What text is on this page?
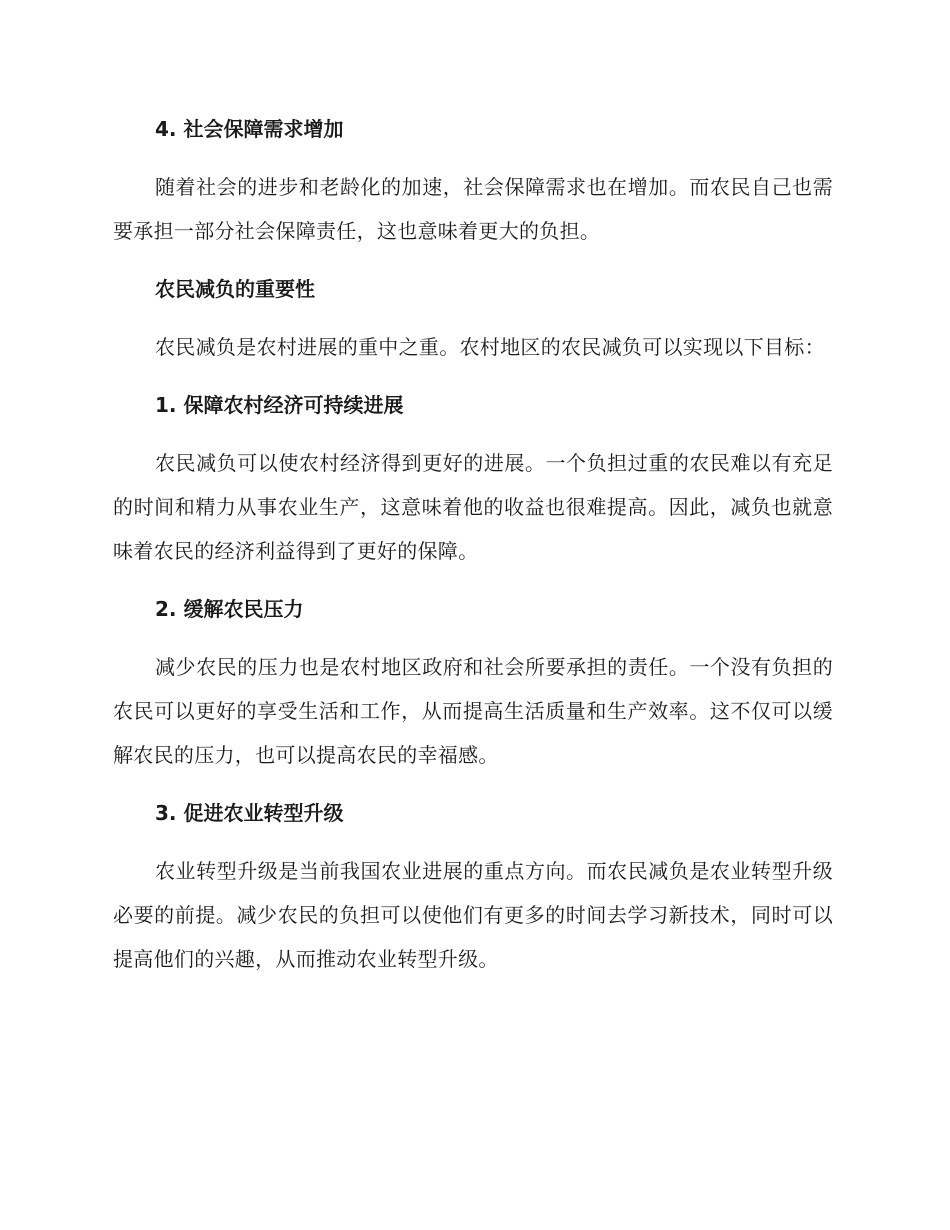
4. 社会保障需求增加
随着社会的进步和老龄化的加速，社会保障需求也在增加。而农民自己也需要承担一部分社会保障责任，这也意味着更大的负担。
农民减负的重要性
农民减负是农村进展的重中之重。农村地区的农民减负可以实现以下目标：
1. 保障农村经济可持续进展
农民减负可以使农村经济得到更好的进展。一个负担过重的农民难以有充足的时间和精力从事农业生产，这意味着他的收益也很难提高。因此，减负也就意味着农民的经济利益得到了更好的保障。
2. 缓解农民压力
减少农民的压力也是农村地区政府和社会所要承担的责任。一个没有负担的农民可以更好的享受生活和工作，从而提高生活质量和生产效率。这不仅可以缓解农民的压力，也可以提高农民的幸福感。
3. 促进农业转型升级
农业转型升级是当前我国农业进展的重点方向。而农民减负是农业转型升级必要的前提。减少农民的负担可以使他们有更多的时间去学习新技术，同时可以提高他们的兴趣，从而推动农业转型升级。
